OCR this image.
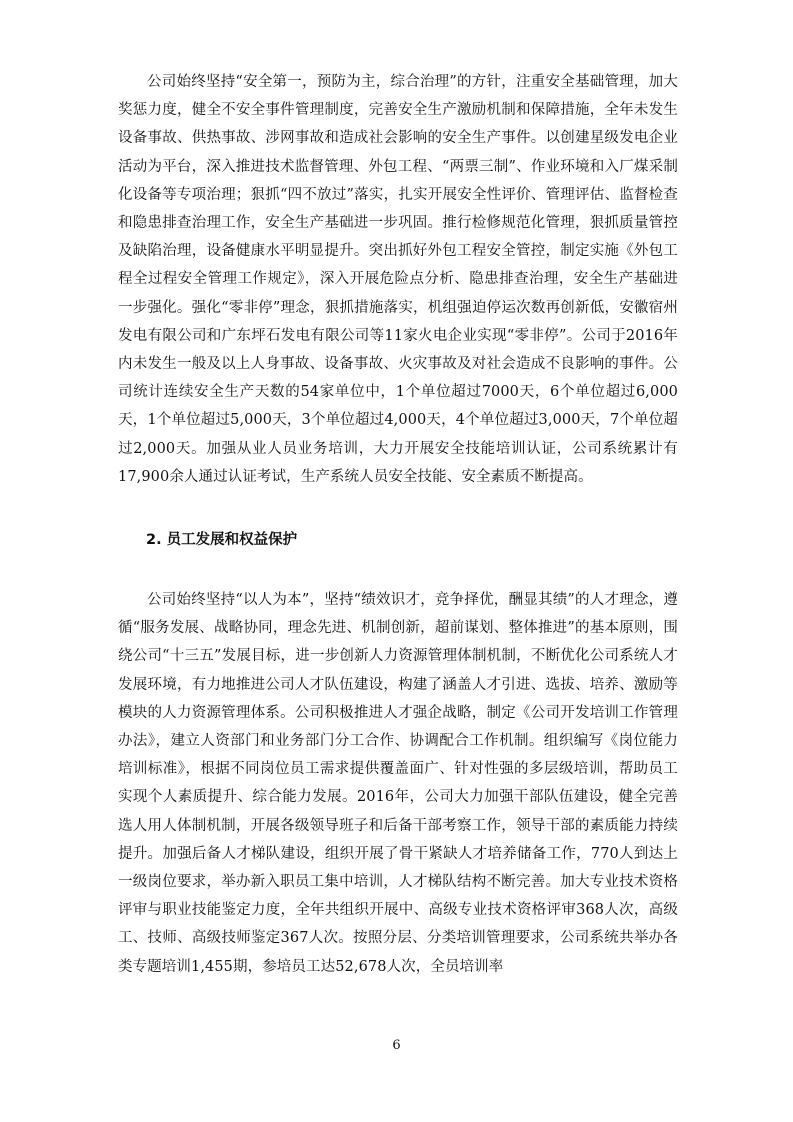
公司始终坚持“安全第一，预防为主，综合治理”的方针，注重安全基础管理，加大奖惩力度，健全不安全事件管理制度，完善安全生产激励机制和保障措施，全年未发生设备事故、供热事故、涉网事故和造成社会影响的安全生产事件。以创建星级发电企业活动为平台，深入推进技术监督管理、外包工程、“两票三制”、作业环境和入厂煤采制化设备等专项治理；狠抓“四不放过”落实，扎实开展安全性评价、管理评估、监督检查和隐患排查治理工作，安全生产基础进一步巩固。推行检修规范化管理，狠抓质量管控及缺陷治理，设备健康水平明显提升。突出抓好外包工程安全管控，制定实施《外包工程全过程安全管理工作规定》，深入开展危险点分析、隐患排查治理，安全生产基础进一步强化。强化“零非停”理念，狠抓措施落实，机组强迫停运次数再创新低，安徽宿州发电有限公司和广东坪石发电有限公司等11家火电企业实现“零非停”。公司于2016年内未发生一般及以上人身事故、设备事故、火灾事故及对社会造成不良影响的事件。公司统计连续安全生产天数的54家单位中，1个单位超过7000天，6个单位超过6,000天，1个单位超过5,000天，3个单位超过4,000天，4个单位超过3,000天，7个单位超过2,000天。加强从业人员业务培训，大力开展安全技能培训认证，公司系统累计有17,900余人通过认证考试，生产系统人员安全技能、安全素质不断提高。

2. 员工发展和权益保护

公司始终坚持“以人为本”，坚持“绩效识才，竞争择优，酬显其绩”的人才理念，遵循“服务发展、战略协同，理念先进、机制创新，超前谋划、整体推进”的基本原则，围绕公司“十三五”发展目标，进一步创新人力资源管理体制机制，不断优化公司系统人才发展环境，有力地推进公司人才队伍建设，构建了涵盖人才引进、选拔、培养、激励等模块的人力资源管理体系。公司积极推进人才强企战略，制定《公司开发培训工作管理办法》，建立人资部门和业务部门分工合作、协调配合工作机制。组织编写《岗位能力培训标准》，根据不同岗位员工需求提供覆盖面广、针对性强的多层级培训，帮助员工实现个人素质提升、综合能力发展。2016年，公司大力加强干部队伍建设，健全完善选人用人体制机制，开展各级领导班子和后备干部考察工作，领导干部的素质能力持续提升。加强后备人才梯队建设，组织开展了骨干紧缺人才培养储备工作，770人到达上一级岗位要求，举办新入职员工集中培训，人才梯队结构不断完善。加大专业技术资格评审与职业技能鉴定力度，全年共组织开展中、高级专业技术资格评审368人次，高级工、技师、高级技师鉴定367人次。按照分层、分类培训管理要求，公司系统共举办各类专题培训1,455期，参培员工达52,678人次，全员培训率

6
